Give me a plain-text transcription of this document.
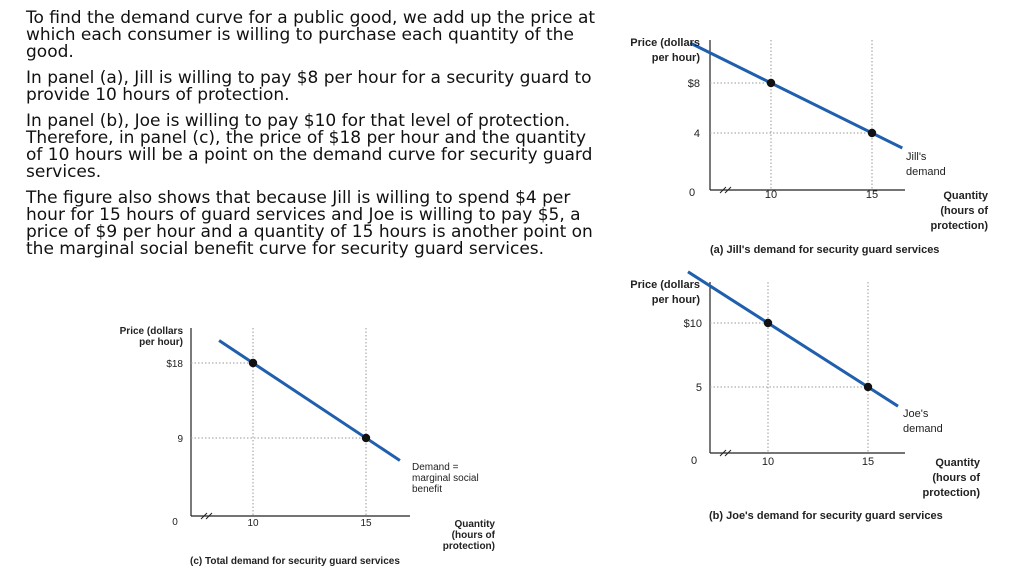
To find the demand curve for a public good, we add up the price at which each consumer is willing to purchase each quantity of the good.

In panel (a), Jill is willing to pay $8 per hour for a security guard to provide 10 hours of protection.

In panel (b), Joe is willing to pay $10 for that level of protection. Therefore, in panel (c), the price of $18 per hour and the quantity of 10 hours will be a point on the demand curve for security guard services.

The figure also shows that because Jill is willing to spend $4 per hour for 15 hours of guard services and Joe is willing to pay $5, a price of $9 per hour and a quantity of 15 hours is another point on the marginal social benefit curve for security guard services.

Price (dollars
per hour)
$8
4
0	10	15	Quantity
(hours of
protection)
Jill's
demand
(a) Jill's demand for security guard services
Price (dollars
per hour)
$10
5
0	10	15	Quantity
(hours of
protection)
Joe's
demand
(b) Joe's demand for security guard services
Price (dollars
per hour)
$18
9
0	10	15	Quantity
(hours of
protection)
Demand =
marginal social
benefit
(c) Total demand for security guard services
